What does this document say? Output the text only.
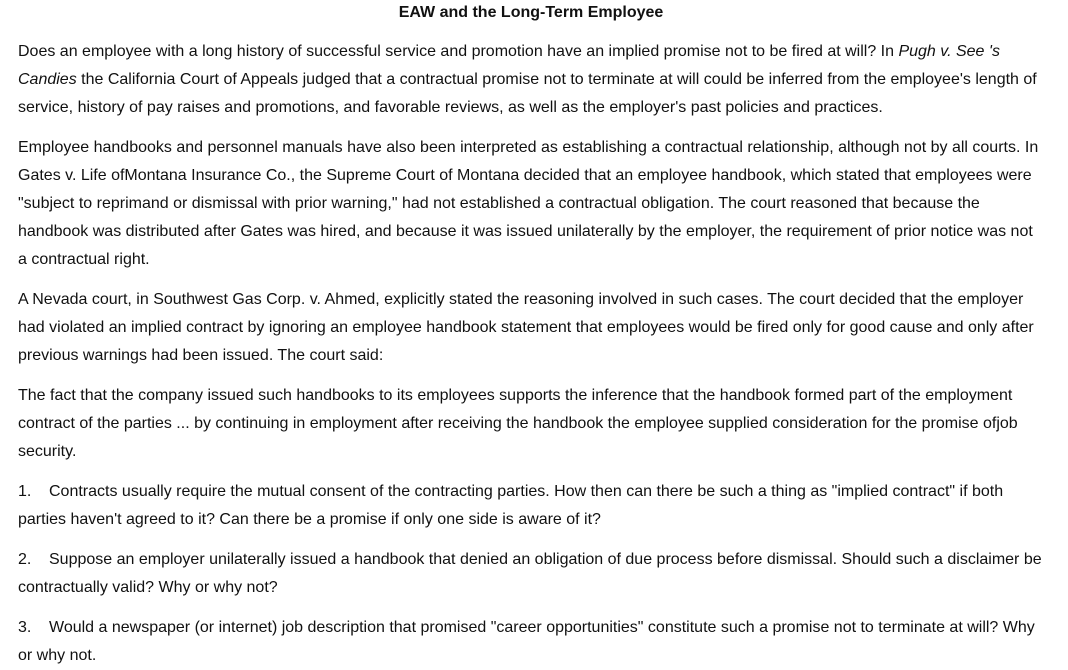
EAW and the Long-Term Employee

Does an employee with a long history of successful service and promotion have an implied promise not to be fired at will? In Pugh v. See 's Candies the California Court of Appeals judged that a contractual promise not to terminate at will could be inferred from the employee's length of service, history of pay raises and promotions, and favorable reviews, as well as the employer's past policies and practices.

Employee handbooks and personnel manuals have also been interpreted as establishing a contractual relationship, although not by all courts. In Gates v. Life ofMontana Insurance Co., the Supreme Court of Montana decided that an employee handbook, which stated that employees were "subject to reprimand or dismissal with prior warning," had not established a contractual obligation. The court reasoned that because the handbook was distributed after Gates was hired, and because it was issued unilaterally by the employer, the requirement of prior notice was not a contractual right.

A Nevada court, in Southwest Gas Corp. v. Ahmed, explicitly stated the reasoning involved in such cases. The court decided that the employer had violated an implied contract by ignoring an employee handbook statement that employees would be fired only for good cause and only after previous warnings had been issued. The court said:

The fact that the company issued such handbooks to its employees supports the inference that the handbook formed part of the employment contract of the parties ... by continuing in employment after receiving the handbook the employee supplied consideration for the promise ofjob security.

1. Contracts usually require the mutual consent of the contracting parties. How then can there be such a thing as "implied contract" if both parties haven't agreed to it? Can there be a promise if only one side is aware of it?

2. Suppose an employer unilaterally issued a handbook that denied an obligation of due process before dismissal. Should such a disclaimer be contractually valid? Why or why not?

3. Would a newspaper (or internet) job description that promised "career opportunities" constitute such a promise not to terminate at will? Why or why not.
